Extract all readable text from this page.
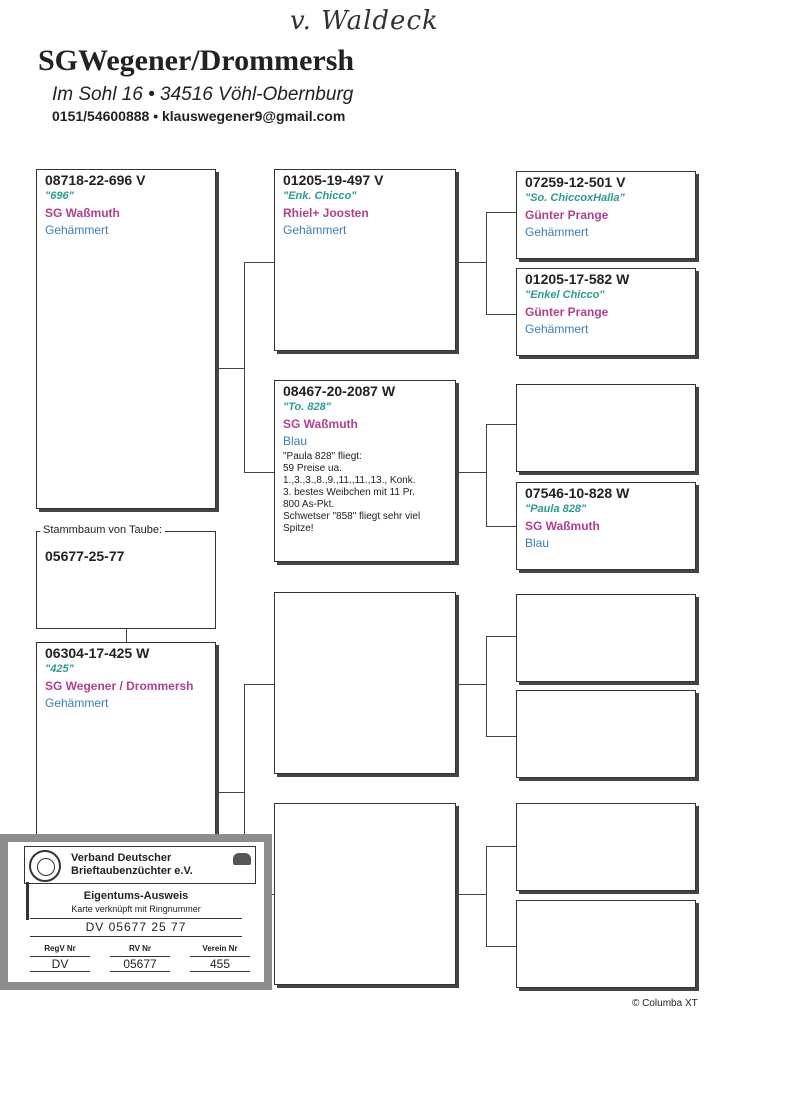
v. Waldeck
SGWegener/Drommersh
Im Sohl 16 • 34516 Vöhl-Obernburg
0151/54600888 • klauswegener9@gmail.com
08718-22-696 V
"696"
SG Waßmuth
Gehämmert
05677-25-77
Stammbaum von Taube:
06304-17-425 W
"425"
SG Wegener / Drommersh
Gehämmert
01205-19-497 V
"Enk. Chicco"
Rhiel+ Joosten
Gehämmert
08467-20-2087 W
"To. 828"
SG Waßmuth
Blau
"Paula 828" fliegt:
59 Preise ua.
1.,3.,3.,8.,9.,11.,11.,13., Konk.
3. bestes Weibchen mit 11 Pr.
800 As-Pkt.
Schwetser "858" fliegt sehr viel
Spitze!
07259-12-501 V
"So. ChiccoxHalla"
Günter Prange
Gehämmert
01205-17-582 W
"Enkel Chicco"
Günter Prange
Gehämmert
07546-10-828 W
"Paula 828"
SG Waßmuth
Blau
© Columba XT
Verband Deutscher
Brieftaubenzüchter e.V.
Eigentums-Ausweis
Karte verknüpft mit Ringnummer
DV 05677 25 77
RegV Nr
DV
RV Nr
05677
Verein Nr
455
